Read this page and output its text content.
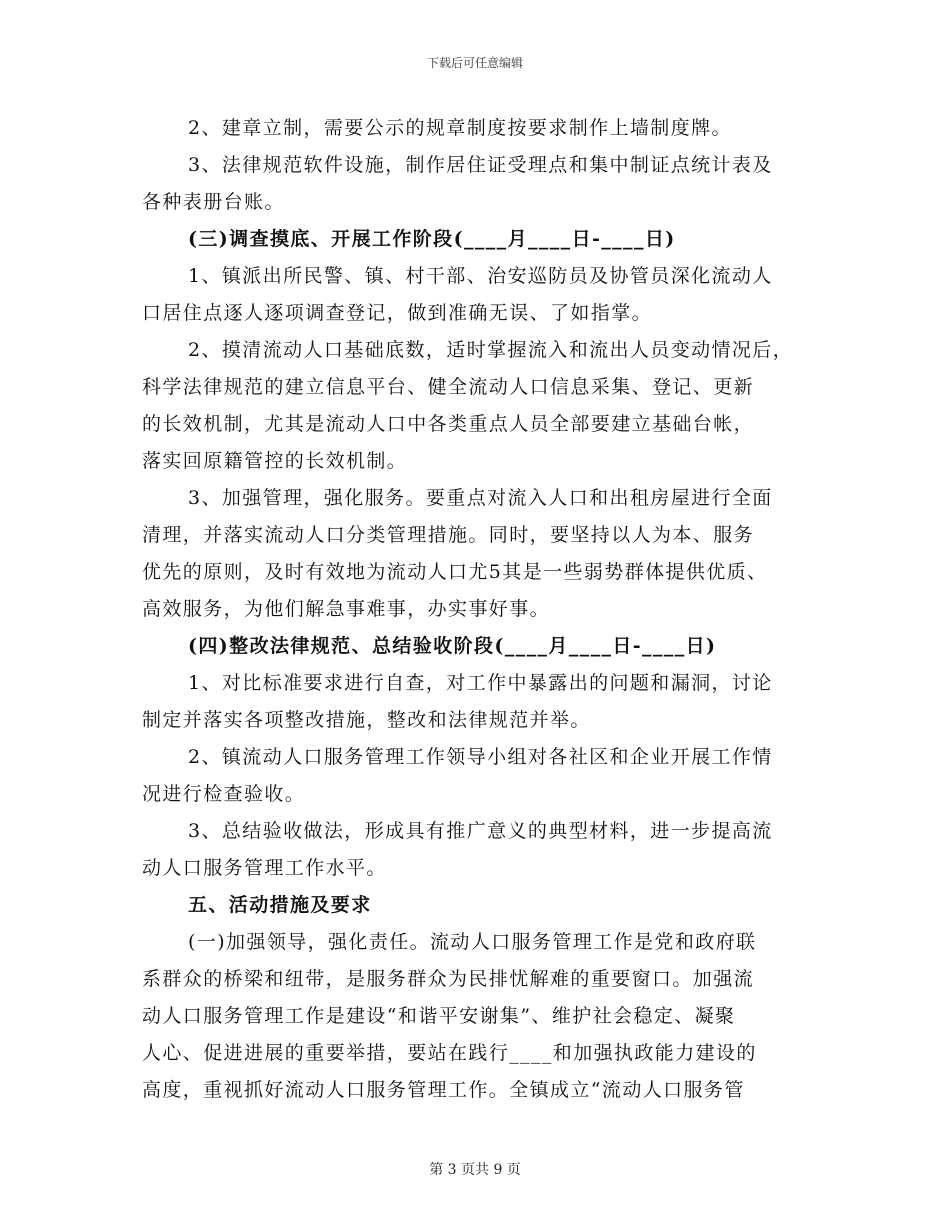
下载后可任意编辑
2、建章立制，需要公示的规章制度按要求制作上墙制度牌。
3、法律规范软件设施，制作居住证受理点和集中制证点统计表及
各种表册台账。
(三)调查摸底、开展工作阶段(____月____日-____日)
1、镇派出所民警、镇、村干部、治安巡防员及协管员深化流动人
口居住点逐人逐项调查登记，做到准确无误、了如指掌。
2、摸清流动人口基础底数，适时掌握流入和流出人员变动情况后，
科学法律规范的建立信息平台、健全流动人口信息采集、登记、更新
的长效机制，尤其是流动人口中各类重点人员全部要建立基础台帐，
落实回原籍管控的长效机制。
3、加强管理，强化服务。要重点对流入人口和出租房屋进行全面
清理，并落实流动人口分类管理措施。同时，要坚持以人为本、服务
优先的原则，及时有效地为流动人口尤5其是一些弱势群体提供优质、
高效服务，为他们解急事难事，办实事好事。
(四)整改法律规范、总结验收阶段(____月____日-____日)
1、对比标准要求进行自查，对工作中暴露出的问题和漏洞，讨论
制定并落实各项整改措施，整改和法律规范并举。
2、镇流动人口服务管理工作领导小组对各社区和企业开展工作情
况进行检查验收。
3、总结验收做法，形成具有推广意义的典型材料，进一步提高流
动人口服务管理工作水平。
五、活动措施及要求
(一)加强领导，强化责任。流动人口服务管理工作是党和政府联
系群众的桥梁和纽带，是服务群众为民排忧解难的重要窗口。加强流
动人口服务管理工作是建设“和谐平安谢集”、维护社会稳定、凝聚
人心、促进进展的重要举措，要站在践行____和加强执政能力建设的
高度，重视抓好流动人口服务管理工作。全镇成立“流动人口服务管
第 3 页共 9 页
